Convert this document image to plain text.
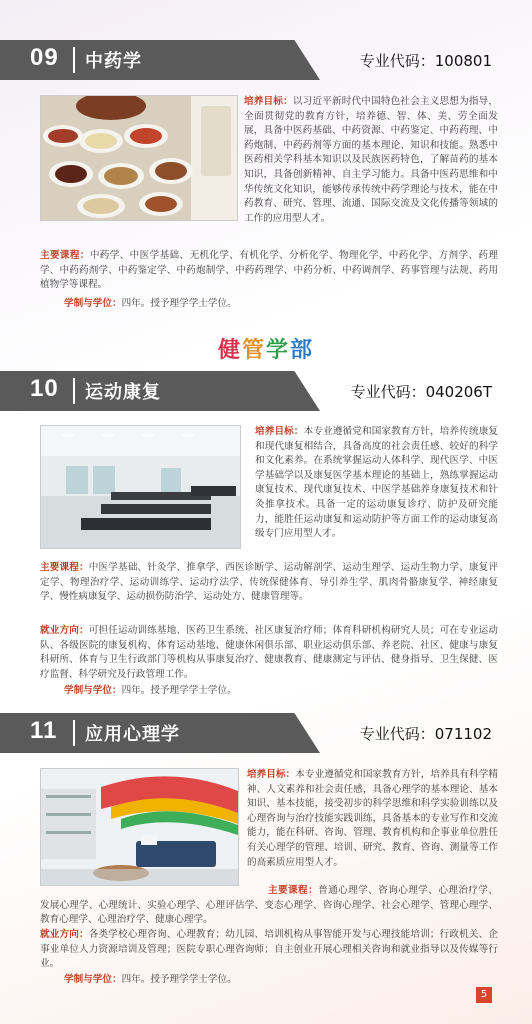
09 中药学	专业代码：100801
培养目标：以习近平新时代中国特色社会主义思想为指导，全面贯彻党的教育方针，培养德、智、体、美、劳全面发展，具备中医药基础、中药资源、中药鉴定、中药药理、中药炮制、中药药剂等方面的基本理论、知识和技能。熟悉中医药相关学科基本知识以及民族医药特色，了解苗药的基本知识，具备创新精神、自主学习能力。具备中医药思维和中华传统文化知识，能够传承传统中药学理论与技术，能在中药教育、研究、管理、流通、国际交流及文化传播等领域的工作的应用型人才。
主要课程：中药学、中医学基础、无机化学、有机化学、分析化学、物理化学、中药化学、方剂学、药理学、中药药剂学、中药鉴定学、中药炮制学、中药药理学、中药分析、中药调剂学、药事管理与法规、药用植物学等课程。
学制与学位：四年。授予理学学士学位。
健管学部
10 运动康复	专业代码：040206T
培养目标：本专业遵循党和国家教育方针，培养传统康复和现代康复相结合，具备高度的社会责任感、较好的科学和文化素养。在系统掌握运动人体科学、现代医学、中医学基础学以及康复医学基本理论的基础上，熟练掌握运动康复技术、现代康复技术、中医学基础养身康复技术和针灸推拿技术。具备一定的运动康复诊疗、防护及研究能力，能胜任运动康复和运动防护等方面工作的运动康复高级专门应用型人才。
主要课程：中医学基础、针灸学、推拿学、西医诊断学、运动解剖学、运动生理学、运动生物力学、康复评定学、物理治疗学、运动训练学、运动疗法学、传统保健体育、导引养生学、肌肉骨骼康复学、神经康复学、慢性病康复学、运动损伤防治学、运动处方、健康管理等。
就业方向：可担任运动训练基地、医药卫生系统、社区康复治疗师；体育科研机构研究人员；可在专业运动队、各级医院的康复机构、体育运动基地、健康休闲俱乐部、职业运动俱乐部、养老院、社区、健康与康复科研所、体育与卫生行政部门等机构从事康复治疗、健康教育、健康测定与评估、健身指导、卫生保健、医疗监督、科学研究及行政管理工作。
学制与学位：四年。授予理学学士学位。
11 应用心理学	专业代码：071102
培养目标：本专业遵循党和国家教育方针，培养具有科学精神、人文素养和社会责任感，具备心理学的基本理论、基本知识、基本技能，接受初步的科学思维和科学实验训练以及心理咨询与治疗技能实践训练，具备基本的专业写作和交流能力，能在科研、咨询、管理、教育机构和企事业单位胜任有关心理学的管理、培训、研究、教育、咨询、测量等工作的高素质应用型人才。
主要课程：普通心理学、咨询心理学、心理治疗学、发展心理学、心理统计、实验心理学、心理评估学、变态心理学、咨询心理学、社会心理学、管理心理学、教育心理学、心理治疗学、健康心理学。
就业方向：各类学校心理咨询、心理教育；幼儿园、培训机构从事智能开发与心理技能培训；行政机关、企事业单位人力资源培训及管理；医院专职心理咨询师；自主创业开展心理相关咨询和就业指导以及传媒等行业。
学制与学位：四年。授予理学学士学位。
5
